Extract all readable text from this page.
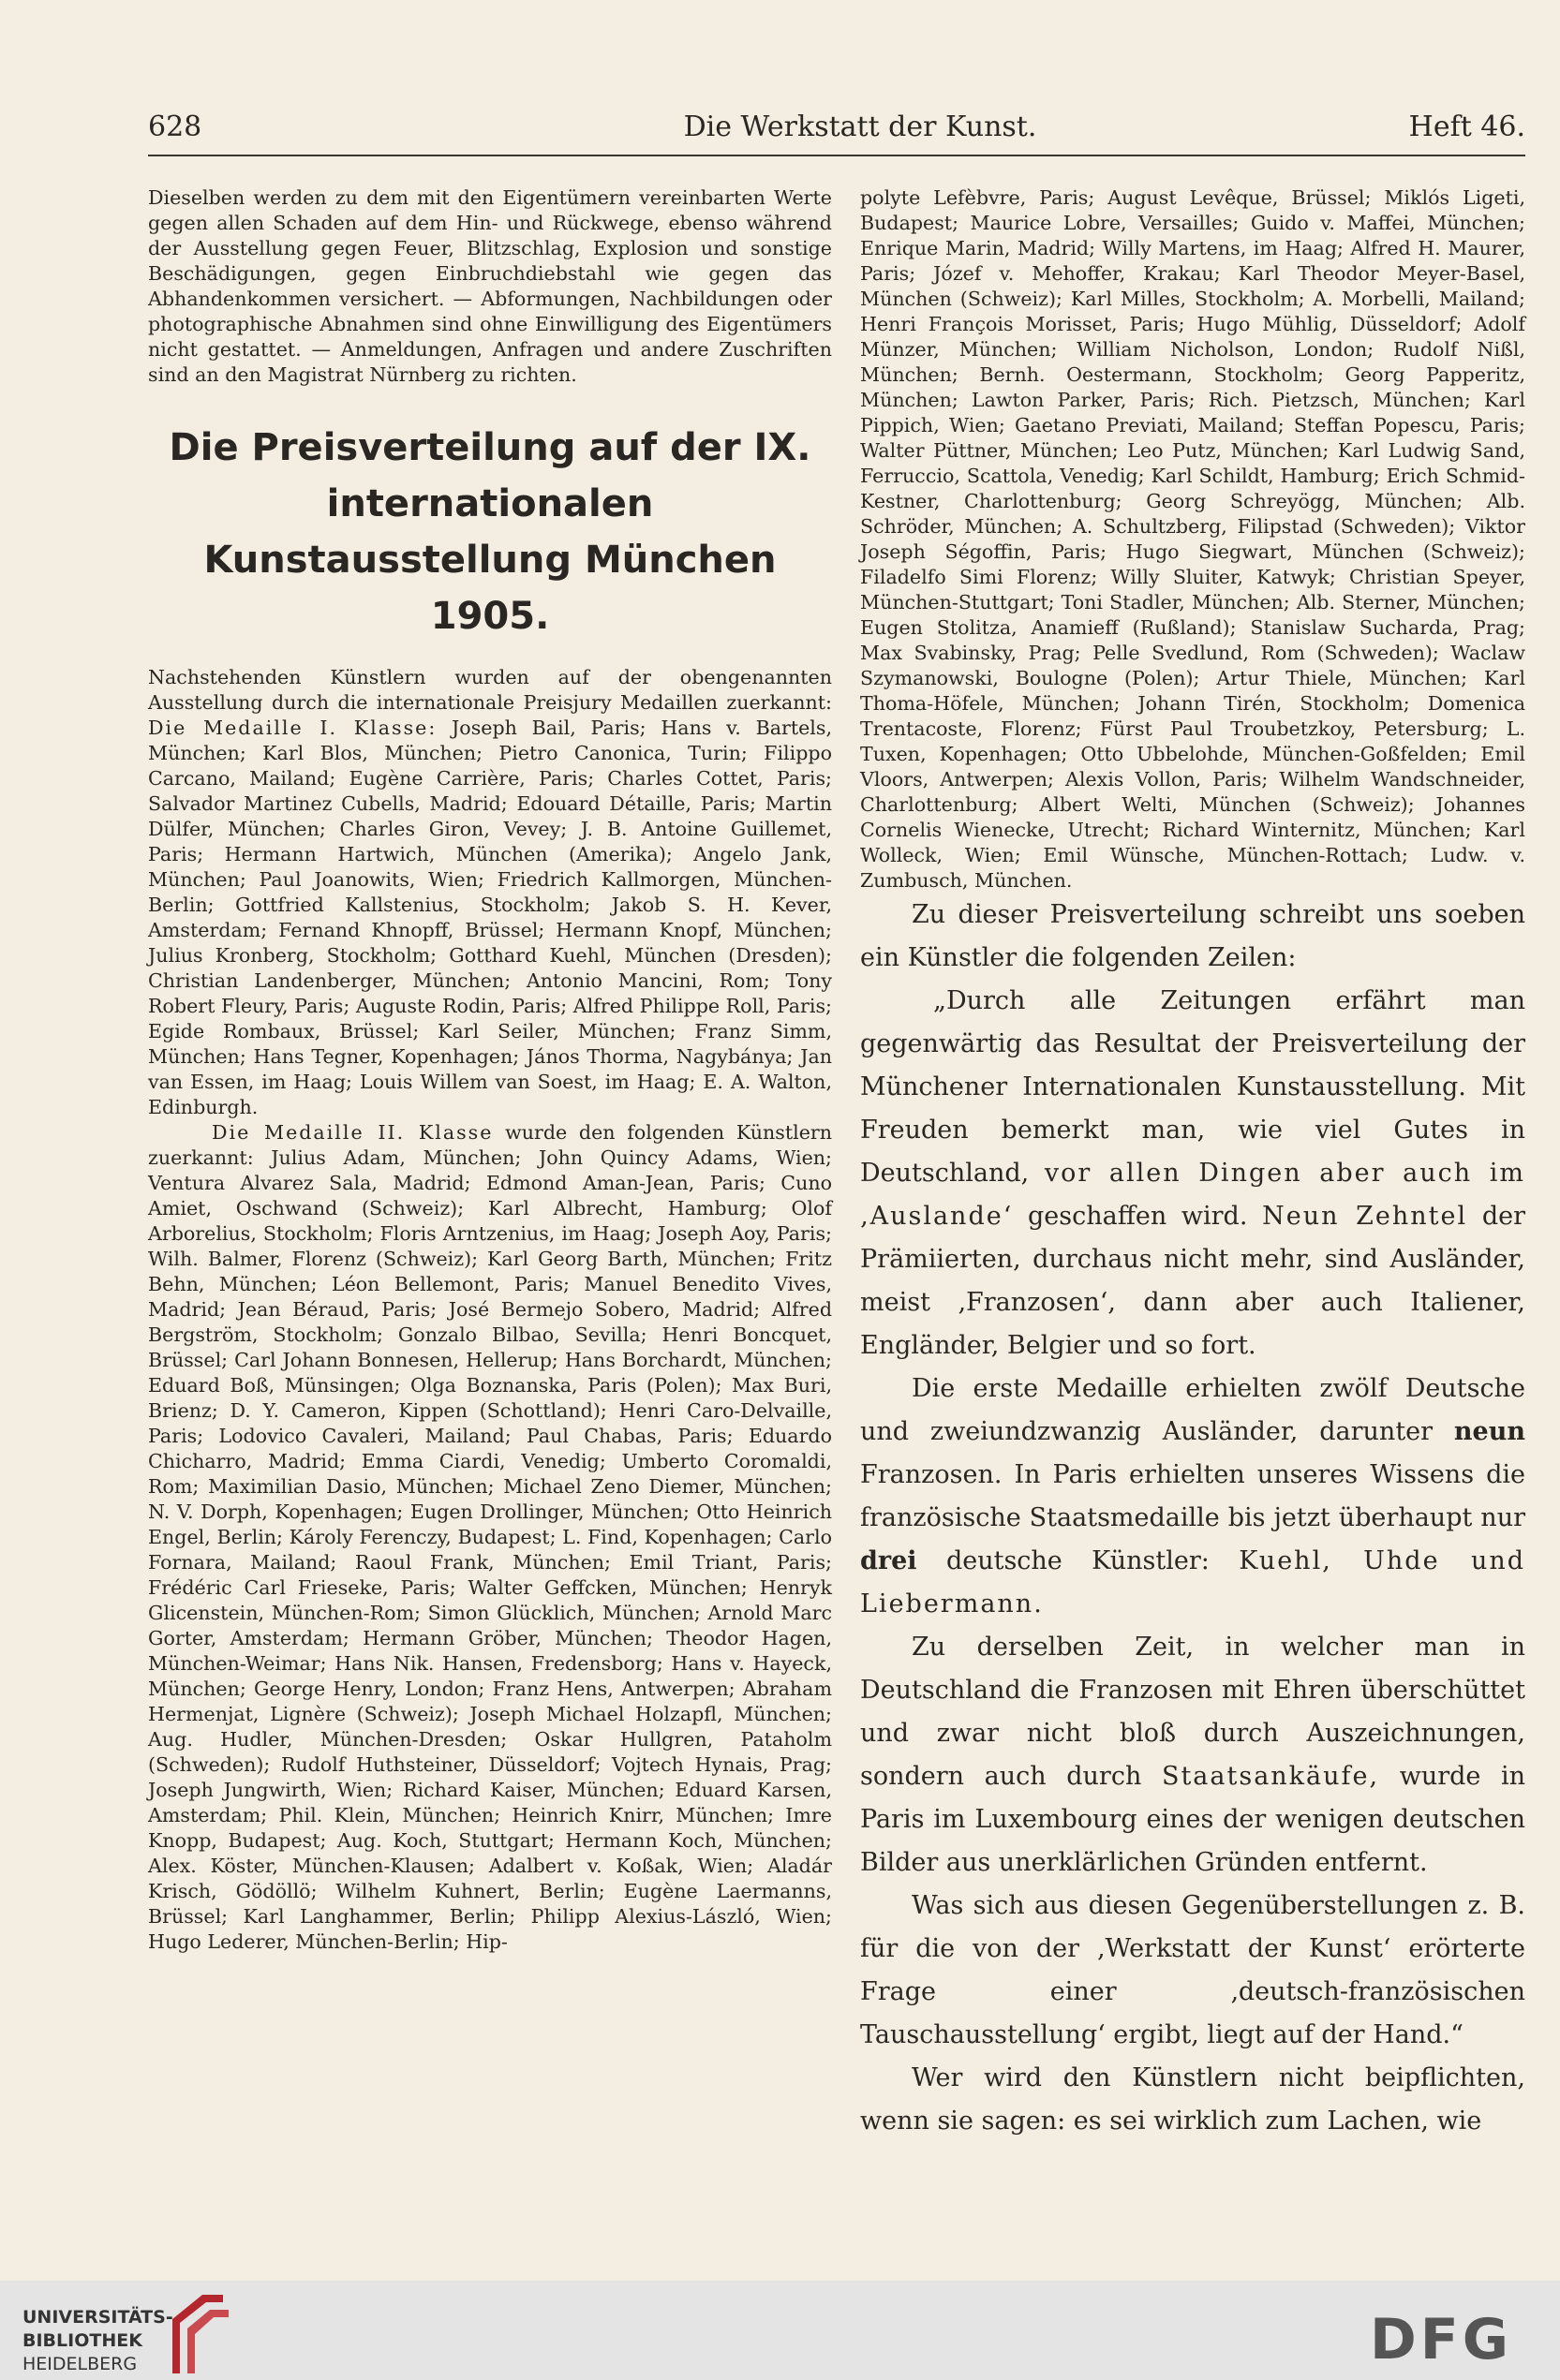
628	Die Werkstatt der Kunst.	Heft 46.

Dieselben werden zu dem mit den Eigentümern vereinbarten Werte gegen allen Schaden auf dem Hin- und Rückwege, ebenso während der Ausstellung gegen Feuer, Blitzschlag, Explosion und sonstige Beschädigungen, gegen Einbruchdiebstahl wie gegen das Abhandenkommen versichert. — Abformungen, Nachbildungen oder photographische Abnahmen sind ohne Einwilligung des Eigentümers nicht gestattet. — Anmeldungen, Anfragen und andere Zuschriften sind an den Magistrat Nürnberg zu richten.

Die Preisverteilung auf der IX. internationalen Kunstausstellung München 1905.

Nachstehenden Künstlern wurden auf der obengenannten Ausstellung durch die internationale Preisjury Medaillen zuerkannt: Die Medaille I. Klasse: Joseph Bail, Paris; Hans v. Bartels, München; Karl Blos, München; Pietro Canonica, Turin; Filippo Carcano, Mailand; Eugène Carrière, Paris; Charles Cottet, Paris; Salvador Martinez Cubells, Madrid; Edouard Détaille, Paris; Martin Dülfer, München; Charles Giron, Vevey; J. B. Antoine Guillemet, Paris; Hermann Hartwich, München (Amerika); Angelo Jank, München; Paul Joanowits, Wien; Friedrich Kallmorgen, München-Berlin; Gottfried Kallstenius, Stockholm; Jakob S. H. Kever, Amsterdam; Fernand Khnopff, Brüssel; Hermann Knopf, München; Julius Kronberg, Stockholm; Gotthard Kuehl, München (Dresden); Christian Landenberger, München; Antonio Mancini, Rom; Tony Robert Fleury, Paris; Auguste Rodin, Paris; Alfred Philippe Roll, Paris; Egide Rombaux, Brüssel; Karl Seiler, München; Franz Simm, München; Hans Tegner, Kopenhagen; János Thorma, Nagybánya; Jan van Essen, im Haag; Louis Willem van Soest, im Haag; E. A. Walton, Edinburgh.

Die Medaille II. Klasse wurde den folgenden Künstlern zuerkannt: Julius Adam, München; John Quincy Adams, Wien; Ventura Alvarez Sala, Madrid; Edmond Aman-Jean, Paris; Cuno Amiet, Oschwand (Schweiz); Karl Albrecht, Hamburg; Olof Arborelius, Stockholm; Floris Arntzenius, im Haag; Joseph Aoy, Paris; Wilh. Balmer, Florenz (Schweiz); Karl Georg Barth, München; Fritz Behn, München; Léon Bellemont, Paris; Manuel Benedito Vives, Madrid; Jean Béraud, Paris; José Bermejo Sobero, Madrid; Alfred Bergström, Stockholm; Gonzalo Bilbao, Sevilla; Henri Boncquet, Brüssel; Carl Johann Bonnesen, Hellerup; Hans Borchardt, München; Eduard Boß, Münsingen; Olga Boznanska, Paris (Polen); Max Buri, Brienz; D. Y. Cameron, Kippen (Schottland); Henri Caro-Delvaille, Paris; Lodovico Cavaleri, Mailand; Paul Chabas, Paris; Eduardo Chicharro, Madrid; Emma Ciardi, Venedig; Umberto Coromaldi, Rom; Maximilian Dasio, München; Michael Zeno Diemer, München; N. V. Dorph, Kopenhagen; Eugen Drollinger, München; Otto Heinrich Engel, Berlin; Károly Ferenczy, Budapest; L. Find, Kopenhagen; Carlo Fornara, Mailand; Raoul Frank, München; Emil Triant, Paris; Frédéric Carl Frieseke, Paris; Walter Geffcken, München; Henryk Glicenstein, München-Rom; Simon Glücklich, München; Arnold Marc Gorter, Amsterdam; Hermann Gröber, München; Theodor Hagen, München-Weimar; Hans Nik. Hansen, Fredensborg; Hans v. Hayeck, München; George Henry, London; Franz Hens, Antwerpen; Abraham Hermenjat, Lignère (Schweiz); Joseph Michael Holzapfl, München; Aug. Hudler, München-Dresden; Oskar Hullgren, Pataholm (Schweden); Rudolf Huthsteiner, Düsseldorf; Vojtech Hynais, Prag; Joseph Jungwirth, Wien; Richard Kaiser, München; Eduard Karsen, Amsterdam; Phil. Klein, München; Heinrich Knirr, München; Imre Knopp, Budapest; Aug. Koch, Stuttgart; Hermann Koch, München; Alex. Köster, München-Klausen; Adalbert v. Koßak, Wien; Aladár Krisch, Gödöllö; Wilhelm Kuhnert, Berlin; Eugène Laermanns, Brüssel; Karl Langhammer, Berlin; Philipp Alexius-László, Wien; Hugo Lederer, München-Berlin; Hip-

polyte Lefèbvre, Paris; August Levêque, Brüssel; Miklós Ligeti, Budapest; Maurice Lobre, Versailles; Guido v. Maffei, München; Enrique Marin, Madrid; Willy Martens, im Haag; Alfred H. Maurer, Paris; Józef v. Mehoffer, Krakau; Karl Theodor Meyer-Basel, München (Schweiz); Karl Milles, Stockholm; A. Morbelli, Mailand; Henri François Morisset, Paris; Hugo Mühlig, Düsseldorf; Adolf Münzer, München; William Nicholson, London; Rudolf Nißl, München; Bernh. Oestermann, Stockholm; Georg Papperitz, München; Lawton Parker, Paris; Rich. Pietzsch, München; Karl Pippich, Wien; Gaetano Previati, Mailand; Steffan Popescu, Paris; Walter Püttner, München; Leo Putz, München; Karl Ludwig Sand, Ferruccio, Scattola, Venedig; Karl Schildt, Hamburg; Erich Schmid-Kestner, Charlottenburg; Georg Schreyögg, München; Alb. Schröder, München; A. Schultzberg, Filipstad (Schweden); Viktor Joseph Ségoffin, Paris; Hugo Siegwart, München (Schweiz); Filadelfo Simi Florenz; Willy Sluiter, Katwyk; Christian Speyer, München-Stuttgart; Toni Stadler, München; Alb. Sterner, München; Eugen Stolitza, Anamieff (Rußland); Stanislaw Sucharda, Prag; Max Svabinsky, Prag; Pelle Svedlund, Rom (Schweden); Waclaw Szymanowski, Boulogne (Polen); Artur Thiele, München; Karl Thoma-Höfele, München; Johann Tirén, Stockholm; Domenica Trentacoste, Florenz; Fürst Paul Troubetzkoy, Petersburg; L. Tuxen, Kopenhagen; Otto Ubbelohde, München-Goßfelden; Emil Vloors, Antwerpen; Alexis Vollon, Paris; Wilhelm Wandschneider, Charlottenburg; Albert Welti, München (Schweiz); Johannes Cornelis Wienecke, Utrecht; Richard Winternitz, München; Karl Wolleck, Wien; Emil Wünsche, München-Rottach; Ludw. v. Zumbusch, München.

Zu dieser Preisverteilung schreibt uns soeben ein Künstler die folgenden Zeilen:

„Durch alle Zeitungen erfährt man gegenwärtig das Resultat der Preisverteilung der Münchener Internationalen Kunstausstellung. Mit Freuden bemerkt man, wie viel Gutes in Deutschland, vor allen Dingen aber auch im ‚Auslande‘ geschaffen wird. Neun Zehntel der Prämiierten, durchaus nicht mehr, sind Ausländer, meist ‚Franzosen‘, dann aber auch Italiener, Engländer, Belgier und so fort.

Die erste Medaille erhielten zwölf Deutsche und zweiundzwanzig Ausländer, darunter neun Franzosen. In Paris erhielten unseres Wissens die französische Staatsmedaille bis jetzt überhaupt nur drei deutsche Künstler: Kuehl, Uhde und Liebermann.

Zu derselben Zeit, in welcher man in Deutschland die Franzosen mit Ehren überschüttet und zwar nicht bloß durch Auszeichnungen, sondern auch durch Staatsankäufe, wurde in Paris im Luxembourg eines der wenigen deutschen Bilder aus unerklärlichen Gründen entfernt.

Was sich aus diesen Gegenüberstellungen z. B. für die von der ‚Werkstatt der Kunst‘ erörterte Frage einer ‚deutsch-französischen Tauschausstellung‘ ergibt, liegt auf der Hand.“

Wer wird den Künstlern nicht beipflichten, wenn sie sagen: es sei wirklich zum Lachen, wie

UNIVERSITÄTS-
BIBLIOTHEK
HEIDELBERG	DFG
